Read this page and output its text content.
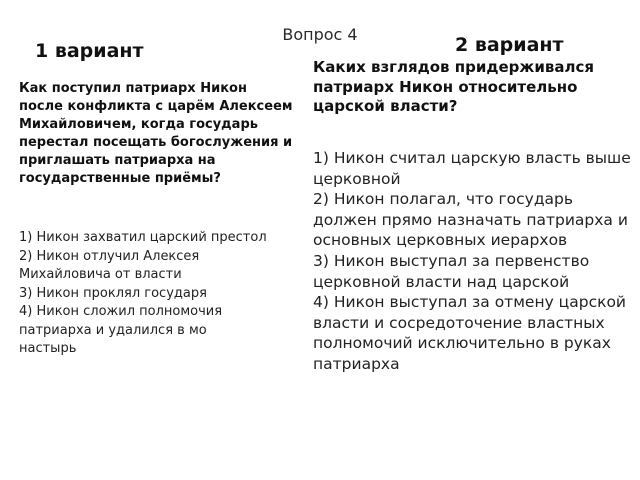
Вопрос 4
1 вариант	2 вариант
Как поступил патриарх Никон после конфликта с царём Алексеем Михайловичем, когда государь перестал посещать богослужения и приглашать патриарха на государственные приёмы?
1) Никон захватил царский престол
2) Никон отлучил Алексея Михайловича от власти
3) Никон проклял государя
4) Никон сложил полномочия патриарха и удалился в мо
настырь
Каких взглядов придерживался патриарх Никон относительно царской власти?
1) Никон считал царскую власть выше церковной
2) Никон полагал, что государь должен прямо назначать патриарха и основных церковных иерархов
3) Никон выступал за первенство церковной власти над царской
4) Никон выступал за отмену царской власти и сосредоточение властных полномочий исключительно в руках патриарха
